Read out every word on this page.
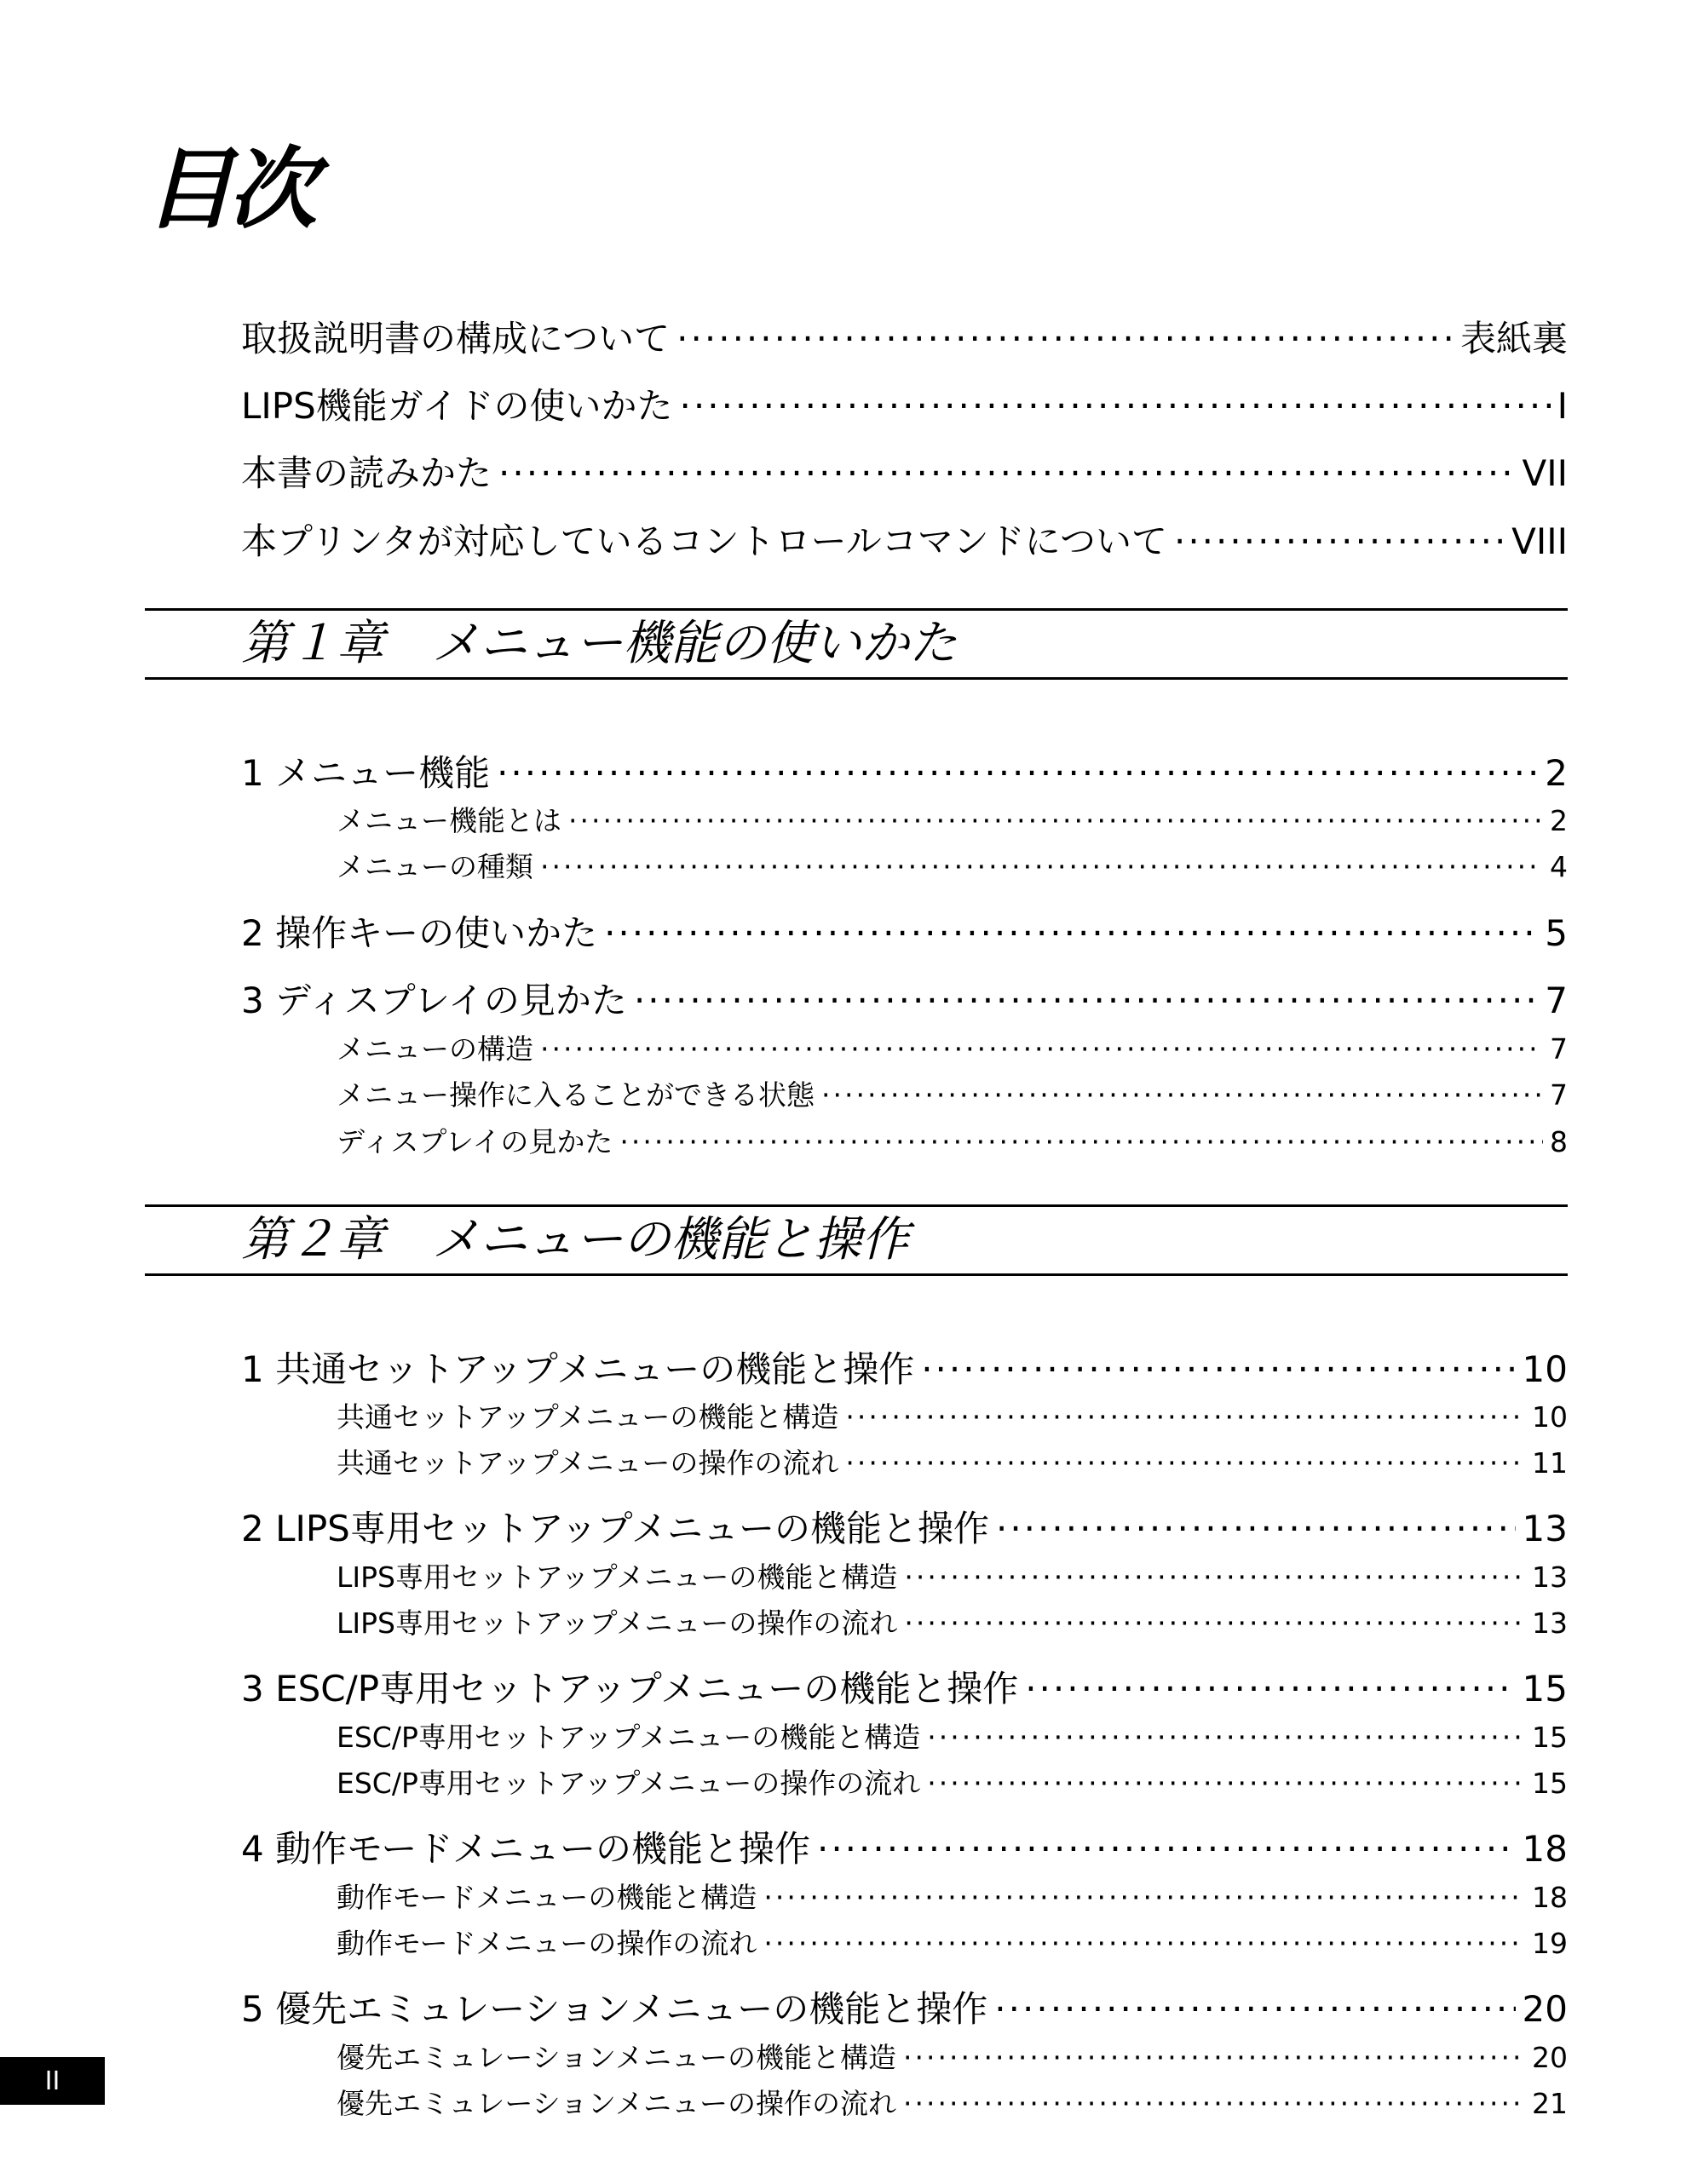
目次
取扱説明書の構成について ·····	表紙裏
LIPS機能ガイドの使いかた ·····	I
本書の読みかた ·····	VII
本プリンタが対応しているコントロールコマンドについて ·····	VIII
第１章　メニュー機能の使いかた
1 メニュー機能 ·····	2
メニュー機能とは ·····	2
メニューの種類 ·····	4
2 操作キーの使いかた ·····	5
3 ディスプレイの見かた ·····	7
メニューの構造 ·····	7
メニュー操作に入ることができる状態 ·····	7
ディスプレイの見かた ·····	8
第２章　メニューの機能と操作
1 共通セットアップメニューの機能と操作 ·····	10
共通セットアップメニューの機能と構造 ·····	10
共通セットアップメニューの操作の流れ ·····	11
2 LIPS専用セットアップメニューの機能と操作 ·····	13
LIPS専用セットアップメニューの機能と構造 ·····	13
LIPS専用セットアップメニューの操作の流れ ·····	13
3 ESC/P専用セットアップメニューの機能と操作 ·····	15
ESC/P専用セットアップメニューの機能と構造 ·····	15
ESC/P専用セットアップメニューの操作の流れ ·····	15
4 動作モードメニューの機能と操作 ·····	18
動作モードメニューの機能と構造 ·····	18
動作モードメニューの操作の流れ ·····	19
5 優先エミュレーションメニューの機能と操作 ·····	20
優先エミュレーションメニューの機能と構造 ·····	20
優先エミュレーションメニューの操作の流れ ·····	21
II
